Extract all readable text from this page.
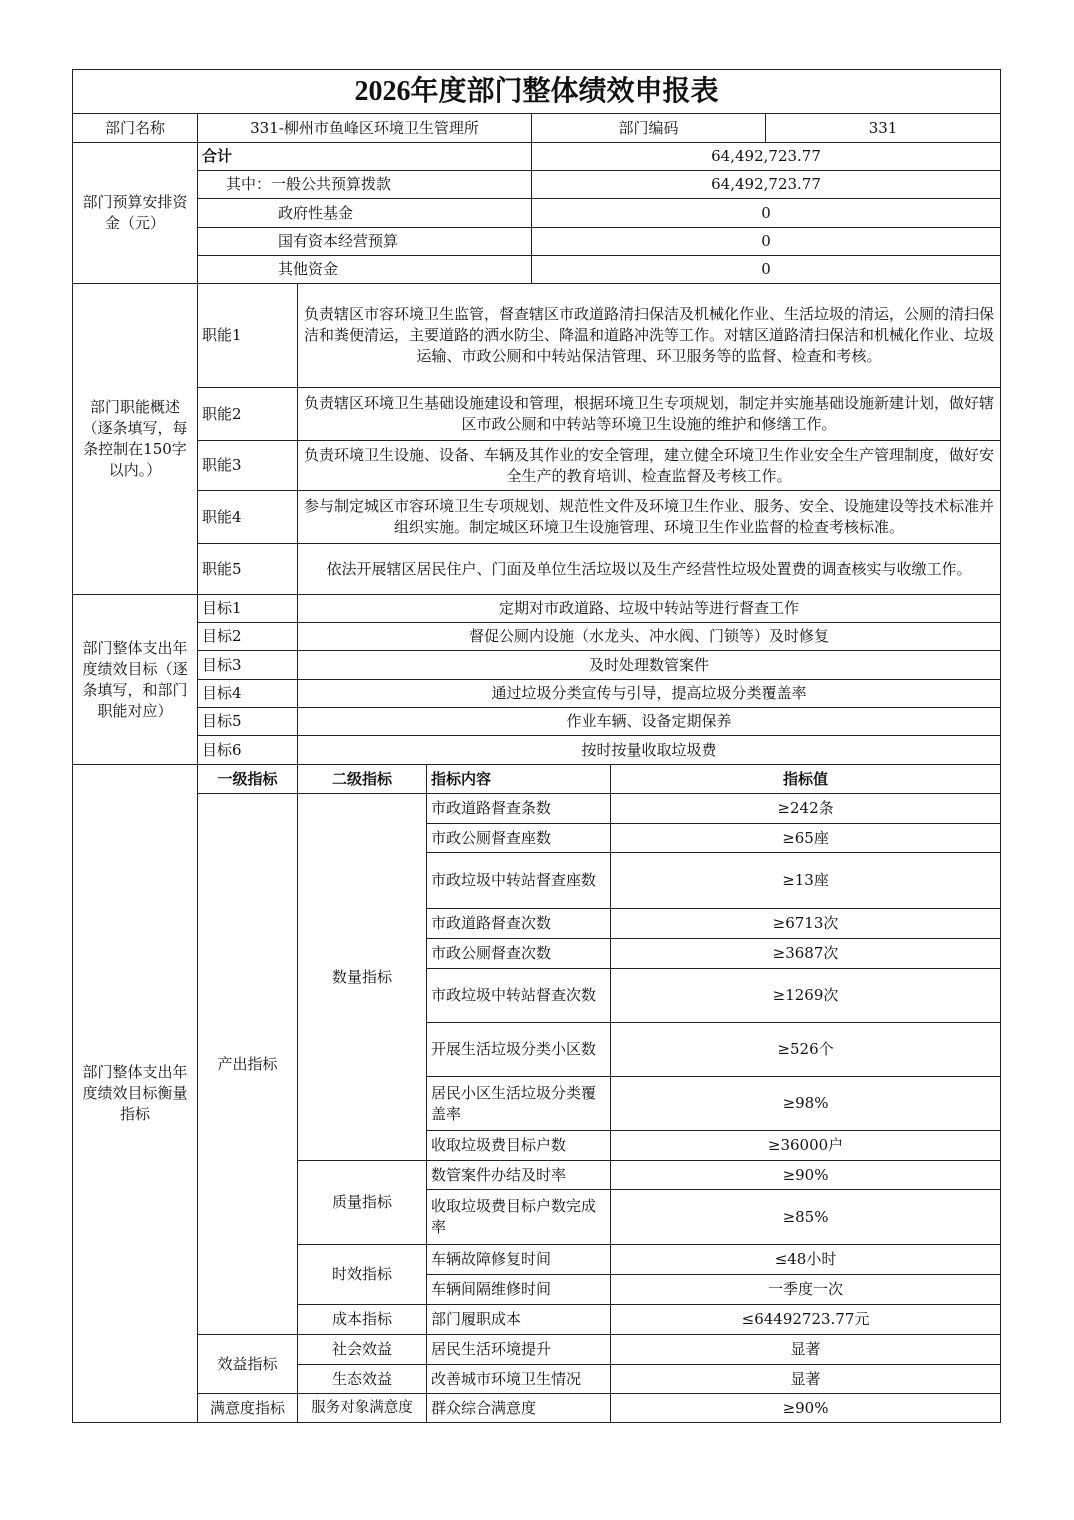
2026年度部门整体绩效申报表						
部门名称	331-柳州市鱼峰区环境卫生管理所			部门编码		331
部门预算安排资金（元）	合计			64,492,723.77		
	其中：一般公共预算拨款			64,492,723.77		
	政府性基金			0		
	国有资本经营预算			0		
	其他资金			0		
部门职能概述（逐条填写，每条控制在150字以内。）	职能1	负责辖区市容环境卫生监管，督查辖区市政道路清扫保洁及机械化作业、生活垃圾的清运，公厕的清扫保洁和粪便清运，主要道路的洒水防尘、降温和道路冲洗等工作。对辖区道路清扫保洁和机械化作业、垃圾运输、市政公厕和中转站保洁管理、环卫服务等的监督、检查和考核。				
	职能2	负责辖区环境卫生基础设施建设和管理，根据环境卫生专项规划，制定并实施基础设施新建计划，做好辖区市政公厕和中转站等环境卫生设施的维护和修缮工作。				
	职能3	负责环境卫生设施、设备、车辆及其作业的安全管理，建立健全环境卫生作业安全生产管理制度，做好安全生产的教育培训、检查监督及考核工作。				
	职能4	参与制定城区市容环境卫生专项规划、规范性文件及环境卫生作业、服务、安全、设施建设等技术标准并组织实施。制定城区环境卫生设施管理、环境卫生作业监督的检查考核标准。				
	职能5	依法开展辖区居民住户、门面及单位生活垃圾以及生产经营性垃圾处置费的调查核实与收缴工作。				
部门整体支出年度绩效目标（逐条填写，和部门职能对应）	目标1	定期对市政道路、垃圾中转站等进行督查工作				
	目标2	督促公厕内设施（水龙头、冲水阀、门锁等）及时修复				
	目标3	及时处理数管案件				
	目标4	通过垃圾分类宣传与引导，提高垃圾分类覆盖率				
	目标5	作业车辆、设备定期保养				
	目标6	按时按量收取垃圾费				
部门整体支出年度绩效目标衡量指标	一级指标	二级指标	指标内容		指标值	
	产出指标	数量指标	市政道路督查条数		≥242条	
			市政公厕督查座数		≥65座	
			市政垃圾中转站督查座数		≥13座	
			市政道路督查次数		≥6713次	
			市政公厕督查次数		≥3687次	
			市政垃圾中转站督查次数		≥1269次	
			开展生活垃圾分类小区数		≥526个	
			居民小区生活垃圾分类覆盖率		≥98%	
			收取垃圾费目标户数		≥36000户	
		质量指标	数管案件办结及时率		≥90%	
			收取垃圾费目标户数完成率		≥85%	
		时效指标	车辆故障修复时间		≤48小时	
			车辆间隔维修时间		一季度一次	
		成本指标	部门履职成本		≤64492723.77元	
	效益指标	社会效益	居民生活环境提升		显著	
		生态效益	改善城市环境卫生情况		显著	
	满意度指标	服务对象满意度	群众综合满意度		≥90%	
